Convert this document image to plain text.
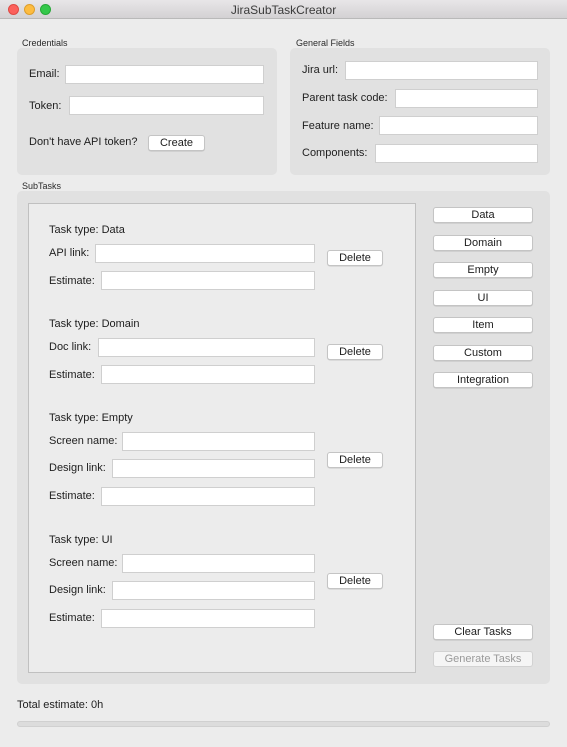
JiraSubTaskCreator
Credentials
Email:
Token:
Don't have API token?	Create
General Fields
Jira url:
Parent task code:
Feature name:
Components:
SubTasks
Task type: Data
API link:
Estimate:
Delete
Task type: Domain
Doc link:
Estimate:
Delete
Task type: Empty
Screen name:
Design link:
Estimate:
Delete
Task type: UI
Screen name:
Design link:
Estimate:
Delete
Data
Domain
Empty
UI
Item
Custom
Integration
Clear Tasks
Generate Tasks
Total estimate: 0h
